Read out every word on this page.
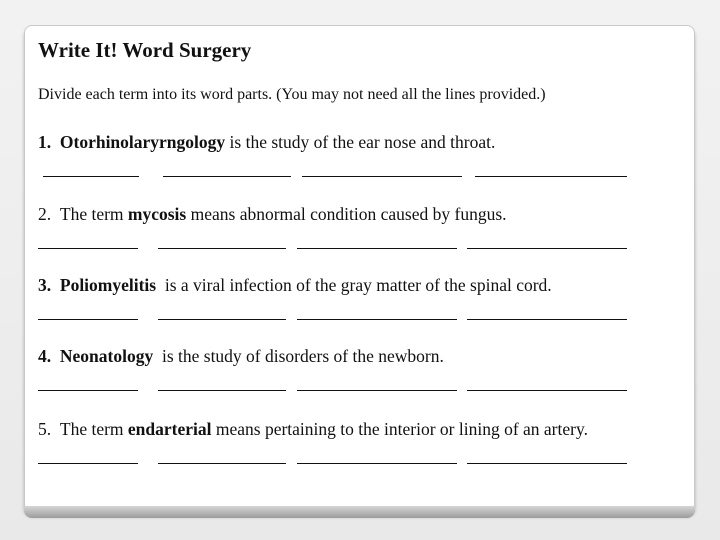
Write It! Word Surgery

Divide each term into its word parts. (You may not need all the lines provided.)

1. Otorhinolaryrngology is the study of the ear nose and throat.

2. The term mycosis means abnormal condition caused by fungus.

3. Poliomyelitis  is a viral infection of the gray matter of the spinal cord.

4. Neonatology  is the study of disorders of the newborn.

5. The term endarterial means pertaining to the interior or lining of an artery.
